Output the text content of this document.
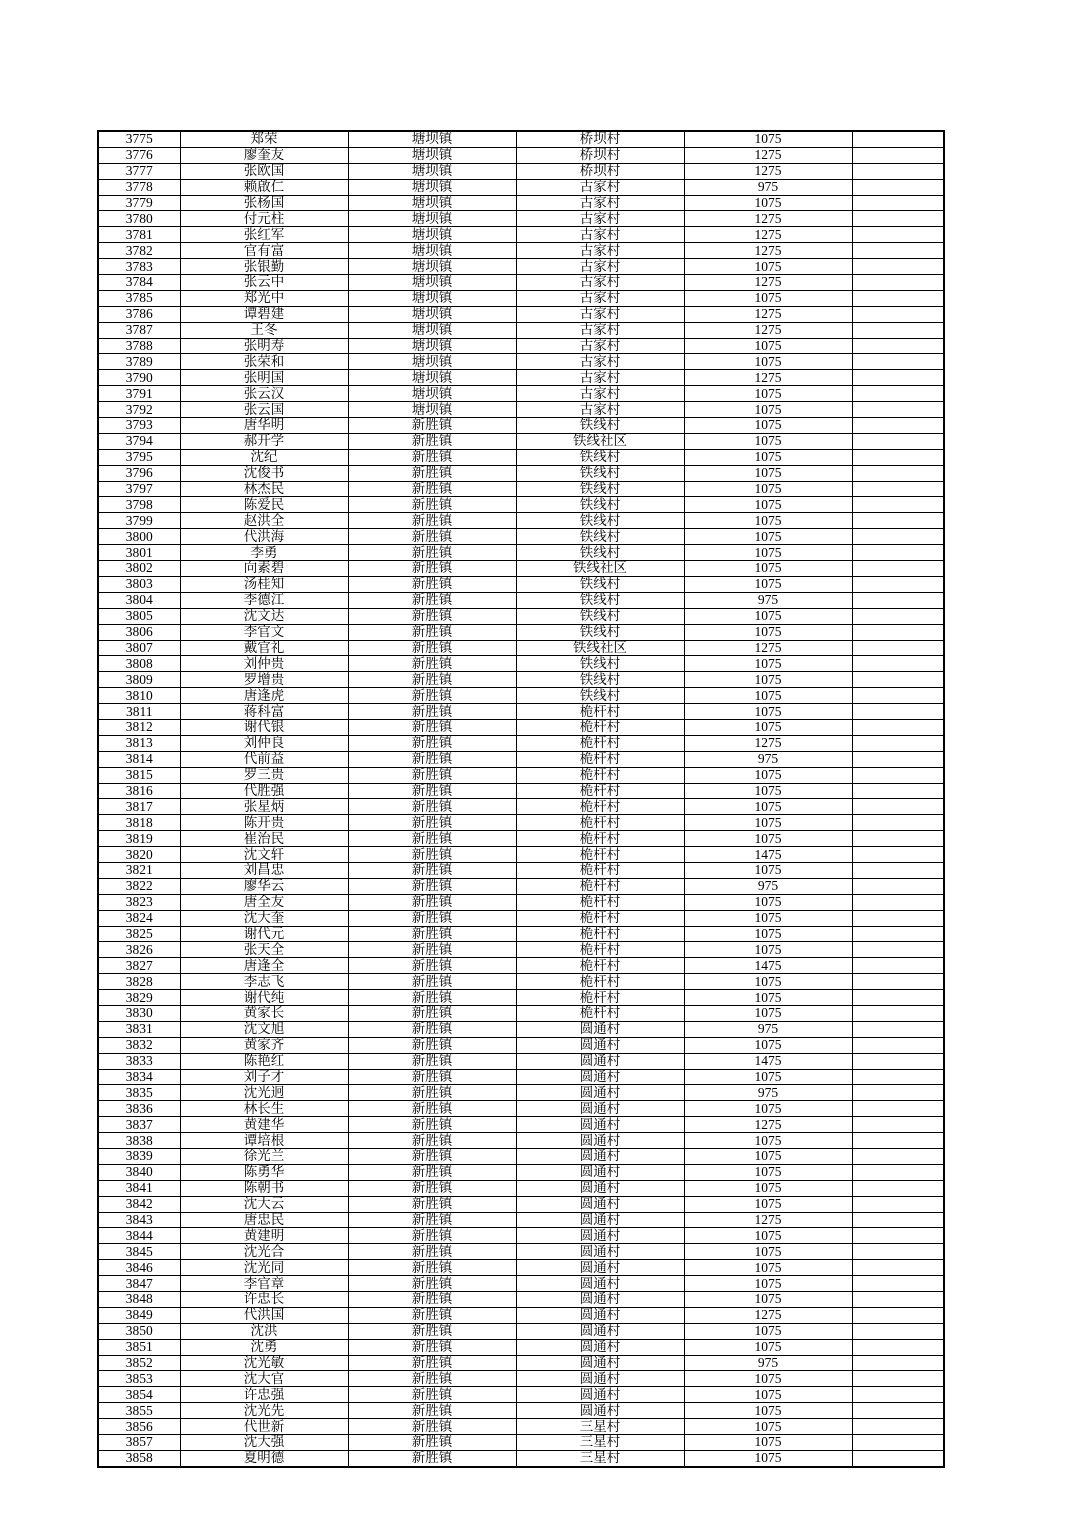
3775	郑荣	塘坝镇	桥坝村	1075	
3776	廖奎友	塘坝镇	桥坝村	1275	
3777	张欧国	塘坝镇	桥坝村	1275	
3778	赖啟仁	塘坝镇	古家村	975	
3779	张杨国	塘坝镇	古家村	1075	
3780	付元柱	塘坝镇	古家村	1275	
3781	张红军	塘坝镇	古家村	1275	
3782	官有富	塘坝镇	古家村	1275	
3783	张银勤	塘坝镇	古家村	1075	
3784	张云中	塘坝镇	古家村	1275	
3785	郑光中	塘坝镇	古家村	1075	
3786	谭碧建	塘坝镇	古家村	1275	
3787	王冬	塘坝镇	古家村	1275	
3788	张明寿	塘坝镇	古家村	1075	
3789	张荣和	塘坝镇	古家村	1075	
3790	张明国	塘坝镇	古家村	1275	
3791	张云汉	塘坝镇	古家村	1075	
3792	张云国	塘坝镇	古家村	1075	
3793	唐华明	新胜镇	铁线村	1075	
3794	郝开学	新胜镇	铁线社区	1075	
3795	沈纪	新胜镇	铁线村	1075	
3796	沈俊书	新胜镇	铁线村	1075	
3797	林杰民	新胜镇	铁线村	1075	
3798	陈爱民	新胜镇	铁线村	1075	
3799	赵洪全	新胜镇	铁线村	1075	
3800	代洪海	新胜镇	铁线村	1075	
3801	李勇	新胜镇	铁线村	1075	
3802	向素碧	新胜镇	铁线社区	1075	
3803	汤桂知	新胜镇	铁线村	1075	
3804	李德江	新胜镇	铁线村	975	
3805	沈文达	新胜镇	铁线村	1075	
3806	李官文	新胜镇	铁线村	1075	
3807	戴官礼	新胜镇	铁线社区	1275	
3808	刘仲贵	新胜镇	铁线村	1075	
3809	罗增贵	新胜镇	铁线村	1075	
3810	唐逢虎	新胜镇	铁线村	1075	
3811	蒋科富	新胜镇	桅杆村	1075	
3812	谢代银	新胜镇	桅杆村	1075	
3813	刘仲良	新胜镇	桅杆村	1275	
3814	代前益	新胜镇	桅杆村	975	
3815	罗三贵	新胜镇	桅杆村	1075	
3816	代胜强	新胜镇	桅杆村	1075	
3817	张星炳	新胜镇	桅杆村	1075	
3818	陈开贵	新胜镇	桅杆村	1075	
3819	崔治民	新胜镇	桅杆村	1075	
3820	沈文轩	新胜镇	桅杆村	1475	
3821	刘昌忠	新胜镇	桅杆村	1075	
3822	廖华云	新胜镇	桅杆村	975	
3823	唐全友	新胜镇	桅杆村	1075	
3824	沈大奎	新胜镇	桅杆村	1075	
3825	谢代元	新胜镇	桅杆村	1075	
3826	张天全	新胜镇	桅杆村	1075	
3827	唐逢全	新胜镇	桅杆村	1475	
3828	李志飞	新胜镇	桅杆村	1075	
3829	谢代纯	新胜镇	桅杆村	1075	
3830	黄家长	新胜镇	桅杆村	1075	
3831	沈文旭	新胜镇	圆通村	975	
3832	黄家齐	新胜镇	圆通村	1075	
3833	陈艳红	新胜镇	圆通村	1475	
3834	刘子才	新胜镇	圆通村	1075	
3835	沈光迥	新胜镇	圆通村	975	
3836	林长生	新胜镇	圆通村	1075	
3837	黄建华	新胜镇	圆通村	1275	
3838	谭培根	新胜镇	圆通村	1075	
3839	徐光兰	新胜镇	圆通村	1075	
3840	陈勇华	新胜镇	圆通村	1075	
3841	陈朝书	新胜镇	圆通村	1075	
3842	沈大云	新胜镇	圆通村	1075	
3843	唐忠民	新胜镇	圆通村	1275	
3844	黄建明	新胜镇	圆通村	1075	
3845	沈光合	新胜镇	圆通村	1075	
3846	沈光同	新胜镇	圆通村	1075	
3847	李官章	新胜镇	圆通村	1075	
3848	许忠长	新胜镇	圆通村	1075	
3849	代洪国	新胜镇	圆通村	1275	
3850	沈洪	新胜镇	圆通村	1075	
3851	沈勇	新胜镇	圆通村	1075	
3852	沈光敏	新胜镇	圆通村	975	
3853	沈大官	新胜镇	圆通村	1075	
3854	许忠强	新胜镇	圆通村	1075	
3855	沈光先	新胜镇	圆通村	1075	
3856	代世新	新胜镇	三星村	1075	
3857	沈大强	新胜镇	三星村	1075	
3858	夏明德	新胜镇	三星村	1075	
